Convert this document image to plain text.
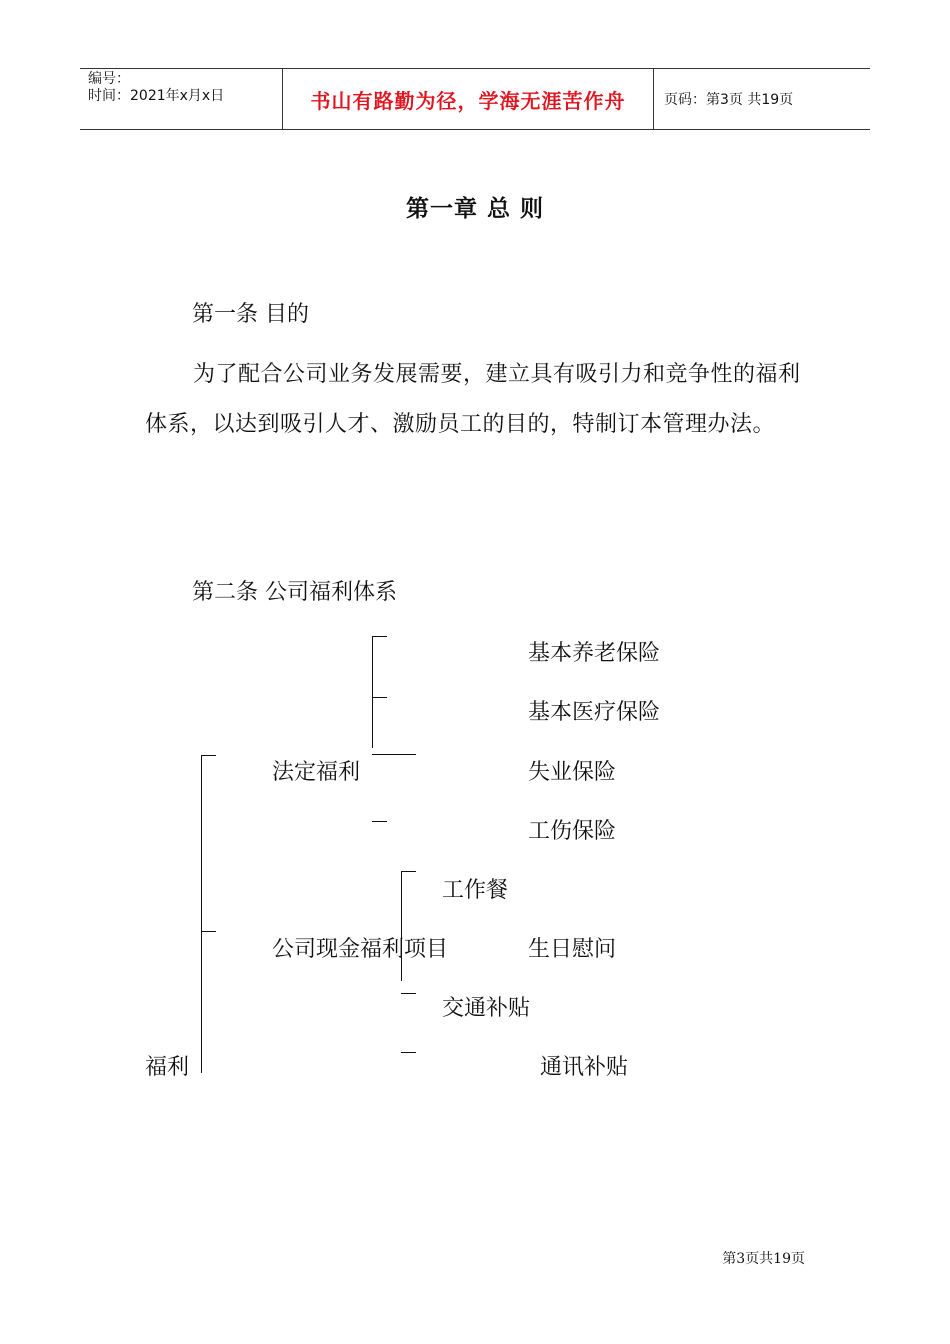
编号：
时间：2021年x月x日	书山有路勤为径，学海无涯苦作舟	页码：第3页 共19页
第一章 总 则
第一条 目的
为了配合公司业务发展需要，建立具有吸引力和竞争性的福利体系，以达到吸引人才、激励员工的目的，特制订本管理办法。
第二条 公司福利体系
福利
法定福利
公司现金福利项目
基本养老保险
基本医疗保险
失业保险
工伤保险
工作餐
生日慰问
交通补贴
通讯补贴
第3页共19页
